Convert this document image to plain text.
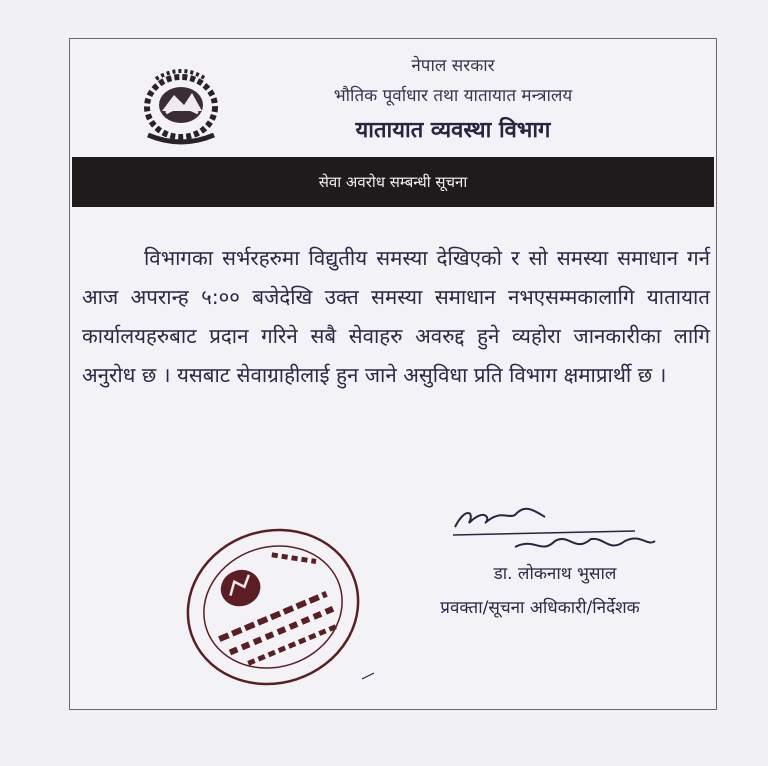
नेपाल सरकार
भौतिक पूर्वाधार तथा यातायात मन्त्रालय
यातायात व्यवस्था विभाग
सेवा अवरोध सम्बन्धी सूचना
विभागका सर्भरहरुमा विद्युतीय समस्या देखिएको र सो समस्या समाधान गर्न आज अपरान्ह ५:०० बजेदेखि उक्त समस्या समाधान नभएसम्मकालागि यातायात कार्यालयहरुबाट प्रदान गरिने सबै सेवाहरु अवरुद्द हुने व्यहोरा जानकारीका लागि अनुरोध छ । यसबाट सेवाग्राहीलाई हुन जाने असुविधा प्रति विभाग क्षमाप्रार्थी छ ।
डा. लोकनाथ भुसाल
प्रवक्ता/सूचना अधिकारी/निर्देशक
